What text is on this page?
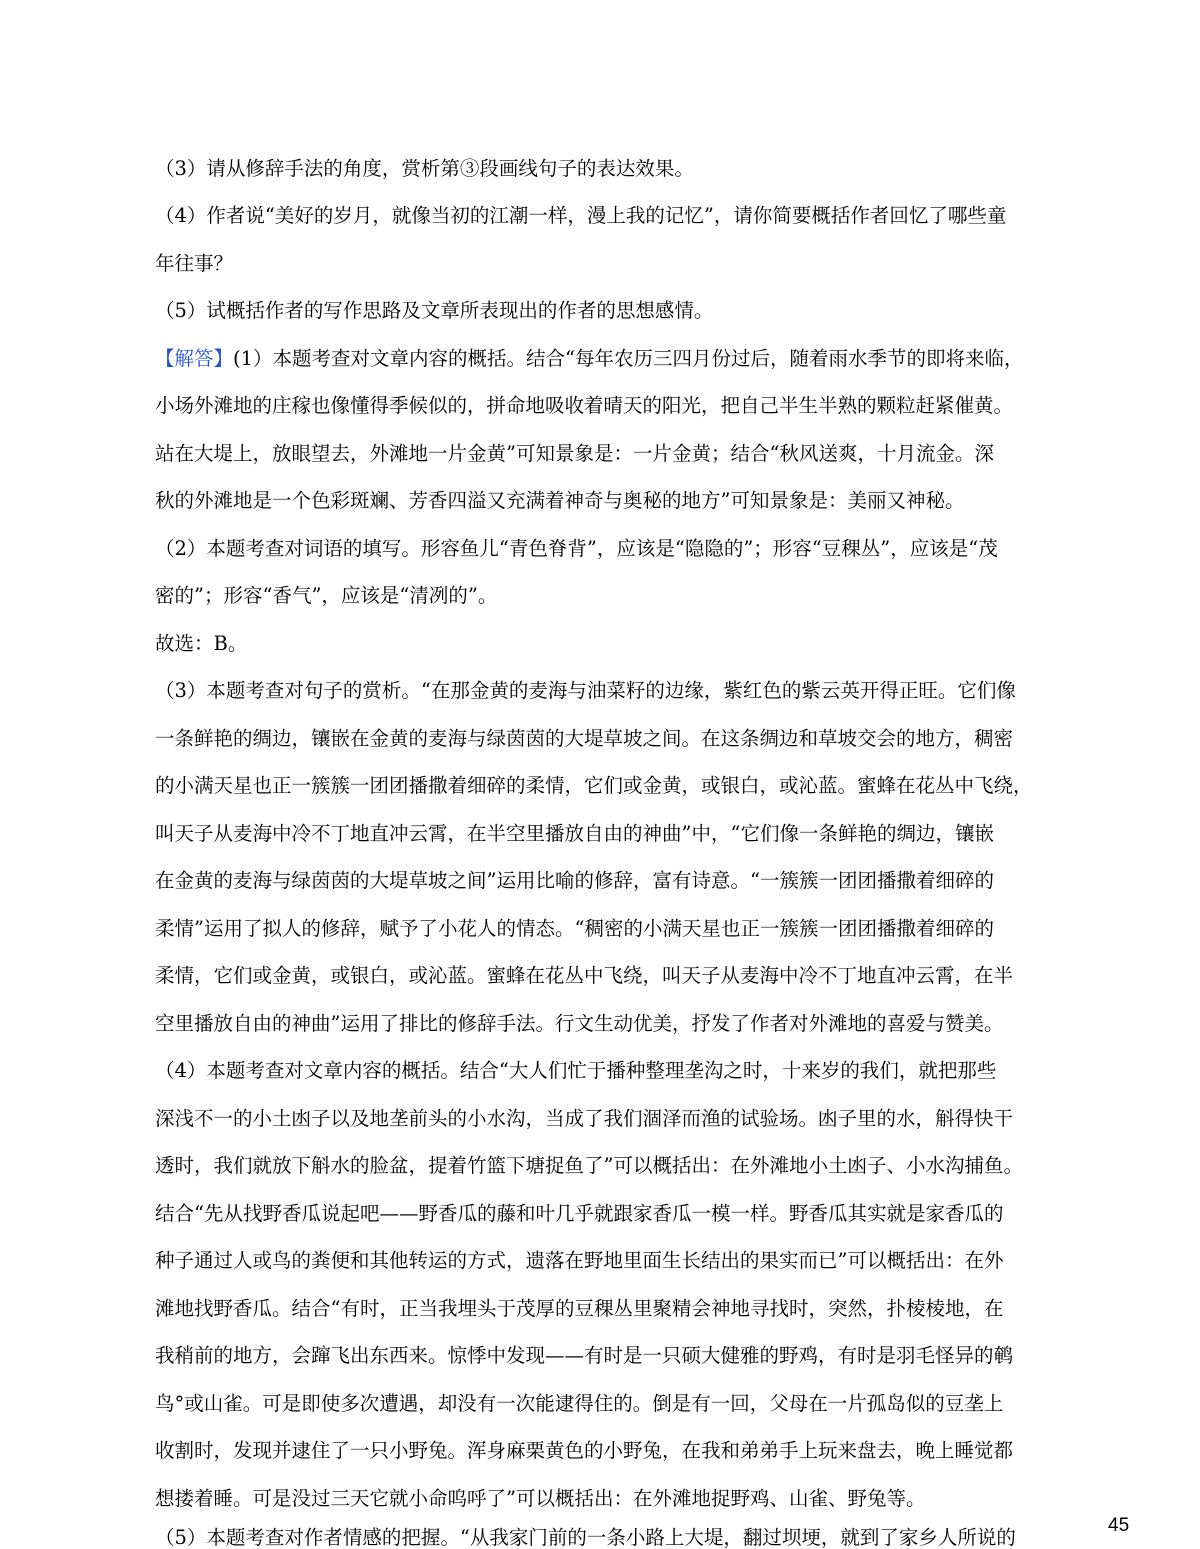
（3）请从修辞手法的角度，赏析第③段画线句子的表达效果。
（4）作者说“美好的岁月，就像当初的江潮一样，漫上我的记忆”，请你简要概括作者回忆了哪些童
年往事？
（5）试概括作者的写作思路及文章所表现出的作者的思想感情。
【解答】(1）本题考查对文章内容的概括。结合“每年农历三四月份过后，随着雨水季节的即将来临，
小场外滩地的庄稼也像懂得季候似的，拼命地吸收着晴天的阳光，把自己半生半熟的颗粒赶紧催黄。
站在大堤上，放眼望去，外滩地一片金黄”可知景象是：一片金黄；结合“秋风送爽，十月流金。深
秋的外滩地是一个色彩斑斓、芳香四溢又充满着神奇与奥秘的地方”可知景象是：美丽又神秘。
（2）本题考查对词语的填写。形容鱼儿“青色脊背”，应该是“隐隐的”；形容“豆稞丛”，应该是“茂
密的”；形容“香气”，应该是“清冽的”。
故选：B。
（3）本题考查对句子的赏析。“在那金黄的麦海与油菜籽的边缘，紫红色的紫云英开得正旺。它们像
一条鲜艳的绸边，镶嵌在金黄的麦海与绿茵茵的大堤草坡之间。在这条绸边和草坡交会的地方，稠密
的小满天星也正一簇簇一团团播撒着细碎的柔情，它们或金黄，或银白，或沁蓝。蜜蜂在花丛中飞绕，
叫天子从麦海中冷不丁地直冲云霄，在半空里播放自由的神曲”中，“它们像一条鲜艳的绸边，镶嵌
在金黄的麦海与绿茵茵的大堤草坡之间”运用比喻的修辞，富有诗意。“一簇簇一团团播撒着细碎的
柔情”运用了拟人的修辞，赋予了小花人的情态。“稠密的小满天星也正一簇簇一团团播撒着细碎的
柔情，它们或金黄，或银白，或沁蓝。蜜蜂在花丛中飞绕，叫天子从麦海中冷不丁地直冲云霄，在半
空里播放自由的神曲”运用了排比的修辞手法。行文生动优美，抒发了作者对外滩地的喜爱与赞美。
（4）本题考查对文章内容的概括。结合“大人们忙于播种整理垄沟之时，十来岁的我们，就把那些
深浅不一的小土凼子以及地垄前头的小水沟，当成了我们涸泽而渔的试验场。凼子里的水，斛得快干
透时，我们就放下斛水的脸盆，提着竹篮下塘捉鱼了”可以概括出：在外滩地小土凼子、小水沟捕鱼。
结合“先从找野香瓜说起吧——野香瓜的藤和叶几乎就跟家香瓜一模一样。野香瓜其实就是家香瓜的
种子通过人或鸟的粪便和其他转运的方式，遗落在野地里面生长结出的果实而已”可以概括出：在外
滩地找野香瓜。结合“有时，正当我埋头于茂厚的豆稞丛里聚精会神地寻找时，突然，扑棱棱地，在
我稍前的地方，会蹿飞出东西来。惊悸中发现——有时是一只硕大健雅的野鸡，有时是羽毛怪异的鹌
鸟°或山雀。可是即使多次遭遇，却没有一次能逮得住的。倒是有一回，父母在一片孤岛似的豆垄上
收割时，发现并逮住了一只小野兔。浑身麻栗黄色的小野兔，在我和弟弟手上玩来盘去，晚上睡觉都
想搂着睡。可是没过三天它就小命呜呼了”可以概括出：在外滩地捉野鸡、山雀、野兔等。
（5）本题考查对作者情感的把握。“从我家门前的一条小路上大堤，翻过坝埂，就到了家乡人所说的
45
